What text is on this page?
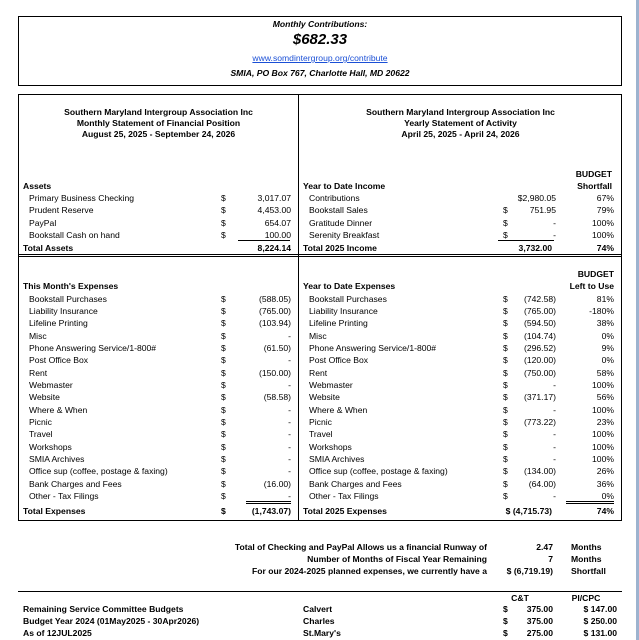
Monthly Contributions:
$682.33
www.somdintergroup.org/contribute
SMIA, PO Box 767, Charlotte Hall, MD 20622
Southern Maryland Intergroup Association Inc
Monthly Statement of Financial Position
August 25, 2025 - September 24, 2026
Southern Maryland Intergroup Association Inc
Yearly Statement of Activity
April 25, 2025 - April 24, 2026
BUDGET
Shortfall
Assets	Year to Date Income
Primary Business Checking	$	3,017.07
Prudent Reserve	$	4,453.00
PayPal	$	654.07
Bookstall Cash on hand	$	100.00
Contributions	$2,980.05	67%
Bookstall Sales	$	751.95	79%
Gratitude Dinner	$	-	100%
Serenity Breakfast	$	-	100%
Total Assets	8,224.14 Total 2025 Income	3,732.00	74%
BUDGET
Left to Use
This Month's Expenses	Year to Date Expenses
Bookstall Purchases	$	(588.05)
Liability Insurance	$	(765.00)
Lifeline Printing	$	(103.94)
Misc	$	-
Phone Answering Service/1-800#	$	(61.50)
Post Office Box	$	-
Rent	$	(150.00)
Webmaster	$	-
Website	$	(58.58)
Where & When	$	-
Picnic	$	-
Travel	$	-
Workshops	$	-
SMIA Archives	$	-
Office sup (coffee, postage & faxing)	$	-
Bank Charges and Fees	$	(16.00)
Other - Tax Filings	$	-
Bookstall Purchases	$ (742.58)	81%
Liability Insurance	$ (765.00)	-180%
Lifeline Printing	$ (594.50)	38%
Misc	$ (104.74)	0%
Phone Answering Service/1-800#	$ (296.52)	9%
Post Office Box	$ (120.00)	0%
Rent	$ (750.00)	58%
Webmaster	$	-	100%
Website	$ (371.17)	56%
Where & When	$	-	100%
Picnic	$ (773.22)	23%
Travel	$	-	100%
Workshops	$	-	100%
SMIA Archives	$	-	100%
Office sup (coffee, postage & faxing)	$ (134.00)	26%
Bank Charges and Fees	$ (64.00)	36%
Other - Tax Filings	$	-	0%
Total Expenses	$	(1,743.07) Total 2025 Expenses	$ (4,715.73)	74%
Total of Checking and PayPal Allows us a financial Runway of	2.47 Months
Number of Months of Fiscal Year Remaining	7 Months
For our 2024-2025 planned expenses, we currently have a $ (6,719.19) Shortfall
C&T	PI/CPC
Remaining Service Committee Budgets
Budget Year 2024 (01May2025 - 30Apr2026)
As of 12JUL2025
Calvert	$ 375.00	$ 147.00
Charles	$ 375.00	$ 250.00
St.Mary's	$ 275.00	$ 131.00
